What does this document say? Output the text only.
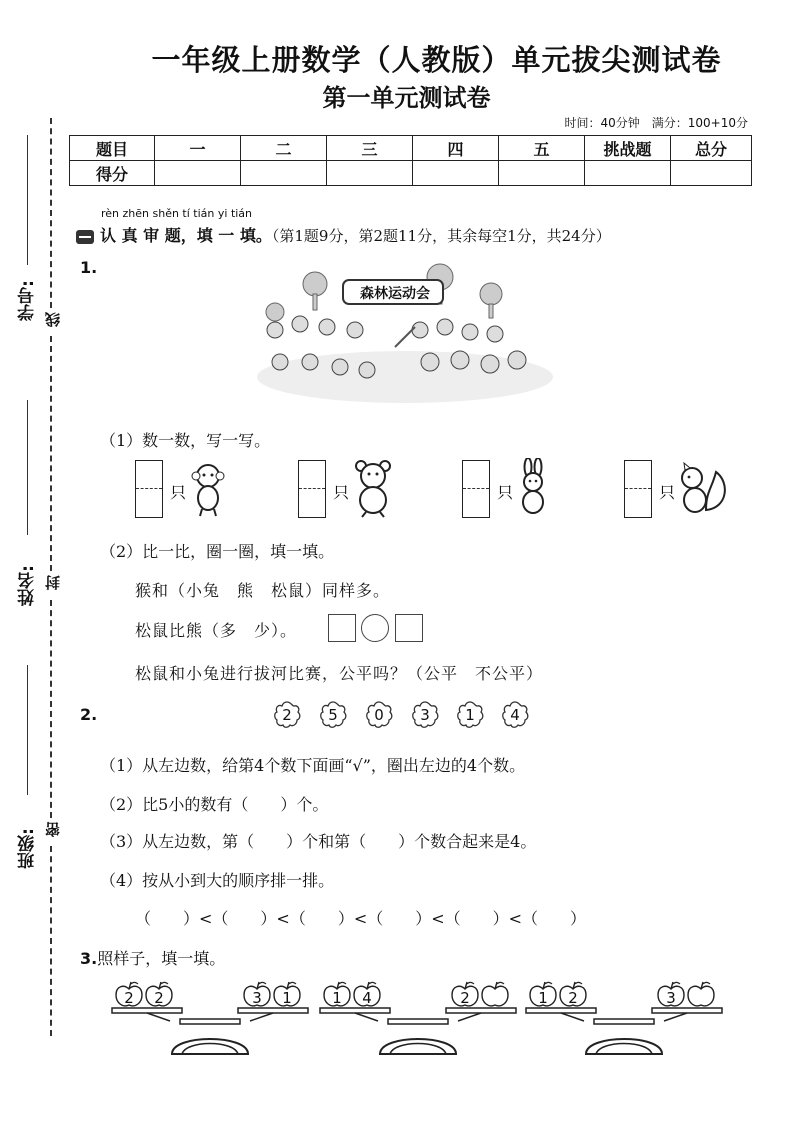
一年级上册数学（人教版）单元拔尖测试卷
第一单元测试卷
时间：40分钟　满分：100+10分
题目	一	二	三	四	五	挑战题	总分
得分							
学号:
姓名:
班级:
线
封
密
rèn zhēn shěn tí tián yi tián
认 真 审 题，填 一 填。（第1题9分，第2题11分，其余每空1分，共24分）
1.
森林运动会
（1）数一数，写一写。
只	只	只	只
（2）比一比，圈一圈，填一填。
猴和（小兔　熊　松鼠）同样多。
松鼠比熊（多　少）。
松鼠和小兔进行拔河比赛，公平吗？（公平　不公平）
2.	2	5	0	3	1	4
（1）从左边数，给第4个数下面画“√”，圈出左边的4个数。
（2）比5小的数有（　　）个。
（3）从左边数，第（　　）个和第（　　）个数合起来是4。
（4）按从小到大的顺序排一排。
（　　）<（　　）<（　　）<（　　）<（　　）<（　　）
3.照样子，填一填。
2	2	3	1	1	4	2	1	2	3
